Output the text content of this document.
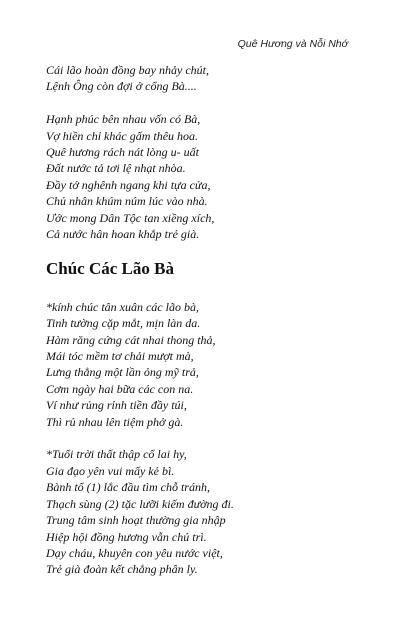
Quê Hương và Nỗi Nhớ
Cái lão hoàn đồng bay nhảy chút,
Lệnh Ông còn đợi ở cổng Bà....
Hạnh phúc bên nhau vốn có Bà,
Vợ hiền chỉ khác gấm thêu hoa.
Quê hương rách nát lòng u- uất
Đất nước tả tơi lệ nhạt nhòa.
Đầy tớ nghênh ngang khi tựa cửa,
Chủ nhân khúm núm lúc vào nhà.
Ước mong Dân Tộc tan xiềng xích,
Cả nước hân hoan khắp trẻ già.
Chúc Các Lão Bà
*kính chúc tân xuân các lão bà,
Tinh tường cặp mắt, mịn làn da.
Hàm răng cứng cát nhai thong thả,
Mái tóc mềm tơ chải mượt mà,
Lưng thẳng một lần ỏng mỹ trả,
Cơm ngày hai bữa các con na.
Ví như rủng rỉnh tiền đầy túi,
Thì rủ nhau lên tiệm phở gà.
*Tuổi trời thất thập cổ lai hy,
Gia đạo yên vui mấy kẻ bì.
Bành tổ (1) lắc đầu tìm chỗ tránh,
Thạch sùng (2) tặc lưỡi kiếm đường đi.
Trung tâm sinh hoạt thường gia nhập
Hiệp hội đồng hương vẫn chủ trì.
Dạy cháu, khuyên con yêu nước việt,
Trẻ già đoàn kết chẳng phân ly.
